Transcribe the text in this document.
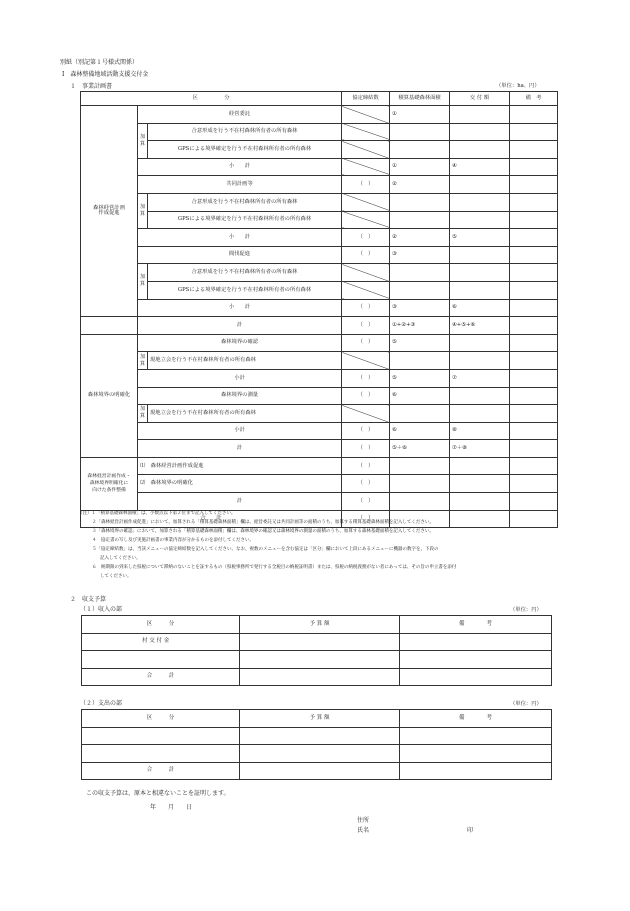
別紙（別記第１号様式関係）
Ⅰ　森林整備地域活動支援交付金
１　事業計画書	（単位：ha、円）
区　　　　　分			協定締結数	積算基礎森林面積	交 付 額	備　考
森林経営計画
作成促進	経営委託			①		
	加算	合意形成を行う不在村森林所有者の所有森林				
		GPSによる境界確定を行う不在村森林所有者の所有森林				
	小　　計			①	④	
	共同計画等		（　）	②		
	加算	合意形成を行う不在村森林所有者の所有森林				
		GPSによる境界確定を行う不在村森林所有者の所有森林				
	小　　計		（　）	②	⑤	
	間伐促進		（　）	③		
	加算	合意形成を行う不在村森林所有者の所有森林				
		GPSによる境界確定を行う不在村森林所有者の所有森林				
	小　　計		（　）	③	⑥	
	計		（　）	①+②+③	④+⑤+⑥	
森林境界の明確化	森林境界の確認		（　）	⑤		
	加算	現地立会を行う不在村森林所有者の所有森林				
	小計		（　）	⑤	⑦	
	森林境界の測量		（　）	⑥		
	加算	現地立会を行う不在村森林所有者の所有森林				
	小計		（　）	⑥	⑧	
	計		（　）	⑤＋⑥	⑦＋⑧	
森林経営計画作成・
森林境界明確化に
向けた条件整備	⑴　森林経営計画作成促進		（　）			
	⑵　森林境界の明確化		（　）			
	計		（　）			
合　　計			（　）			
（注）１「積算基礎森林面積」は、小数点以下第２位まで記入してください。
２「森林経営計画作成促進」において、加算される「積算基礎森林面積」欄は、経営委託又は共同計画等の面積のうち、加算する積算基礎森林面積を記入してください。
３「森林境界の確認」において、加算される「積算基礎森林面積」欄は、森林境界の確認又は森林境界の測量の面積のうち、加算する森林基礎面積を記入してください。
４　協定書の写し及び実施計画書の事業内容が分かるものを添付してください。
５「協定締結数」は、当該メニューの協定締結数を記入してください。なお、複数のメニューを含む協定は「区分」欄において上段にあるメニューに機器の数字を、下段の
記入してください。
６　納期限の到来した県税について滞納のないことを証するもの（県税事務所で発行する全税目の納税証明書）または、県税の納税義務がない者にあっては、その旨の申立書を添付
してください。
２　収支予算
（１）収入の部	（単位：円）
区　　　分	予 算 額	備　　　　考
村 交 付 金		

合　　　計		
（２）支出の部	（単位：円）
区　　　分	予 算 額	備　　　　考

合　　　計		
この収支予算は、原本と相違ないことを証明します。
年　　月　　日
住所
氏名	印
